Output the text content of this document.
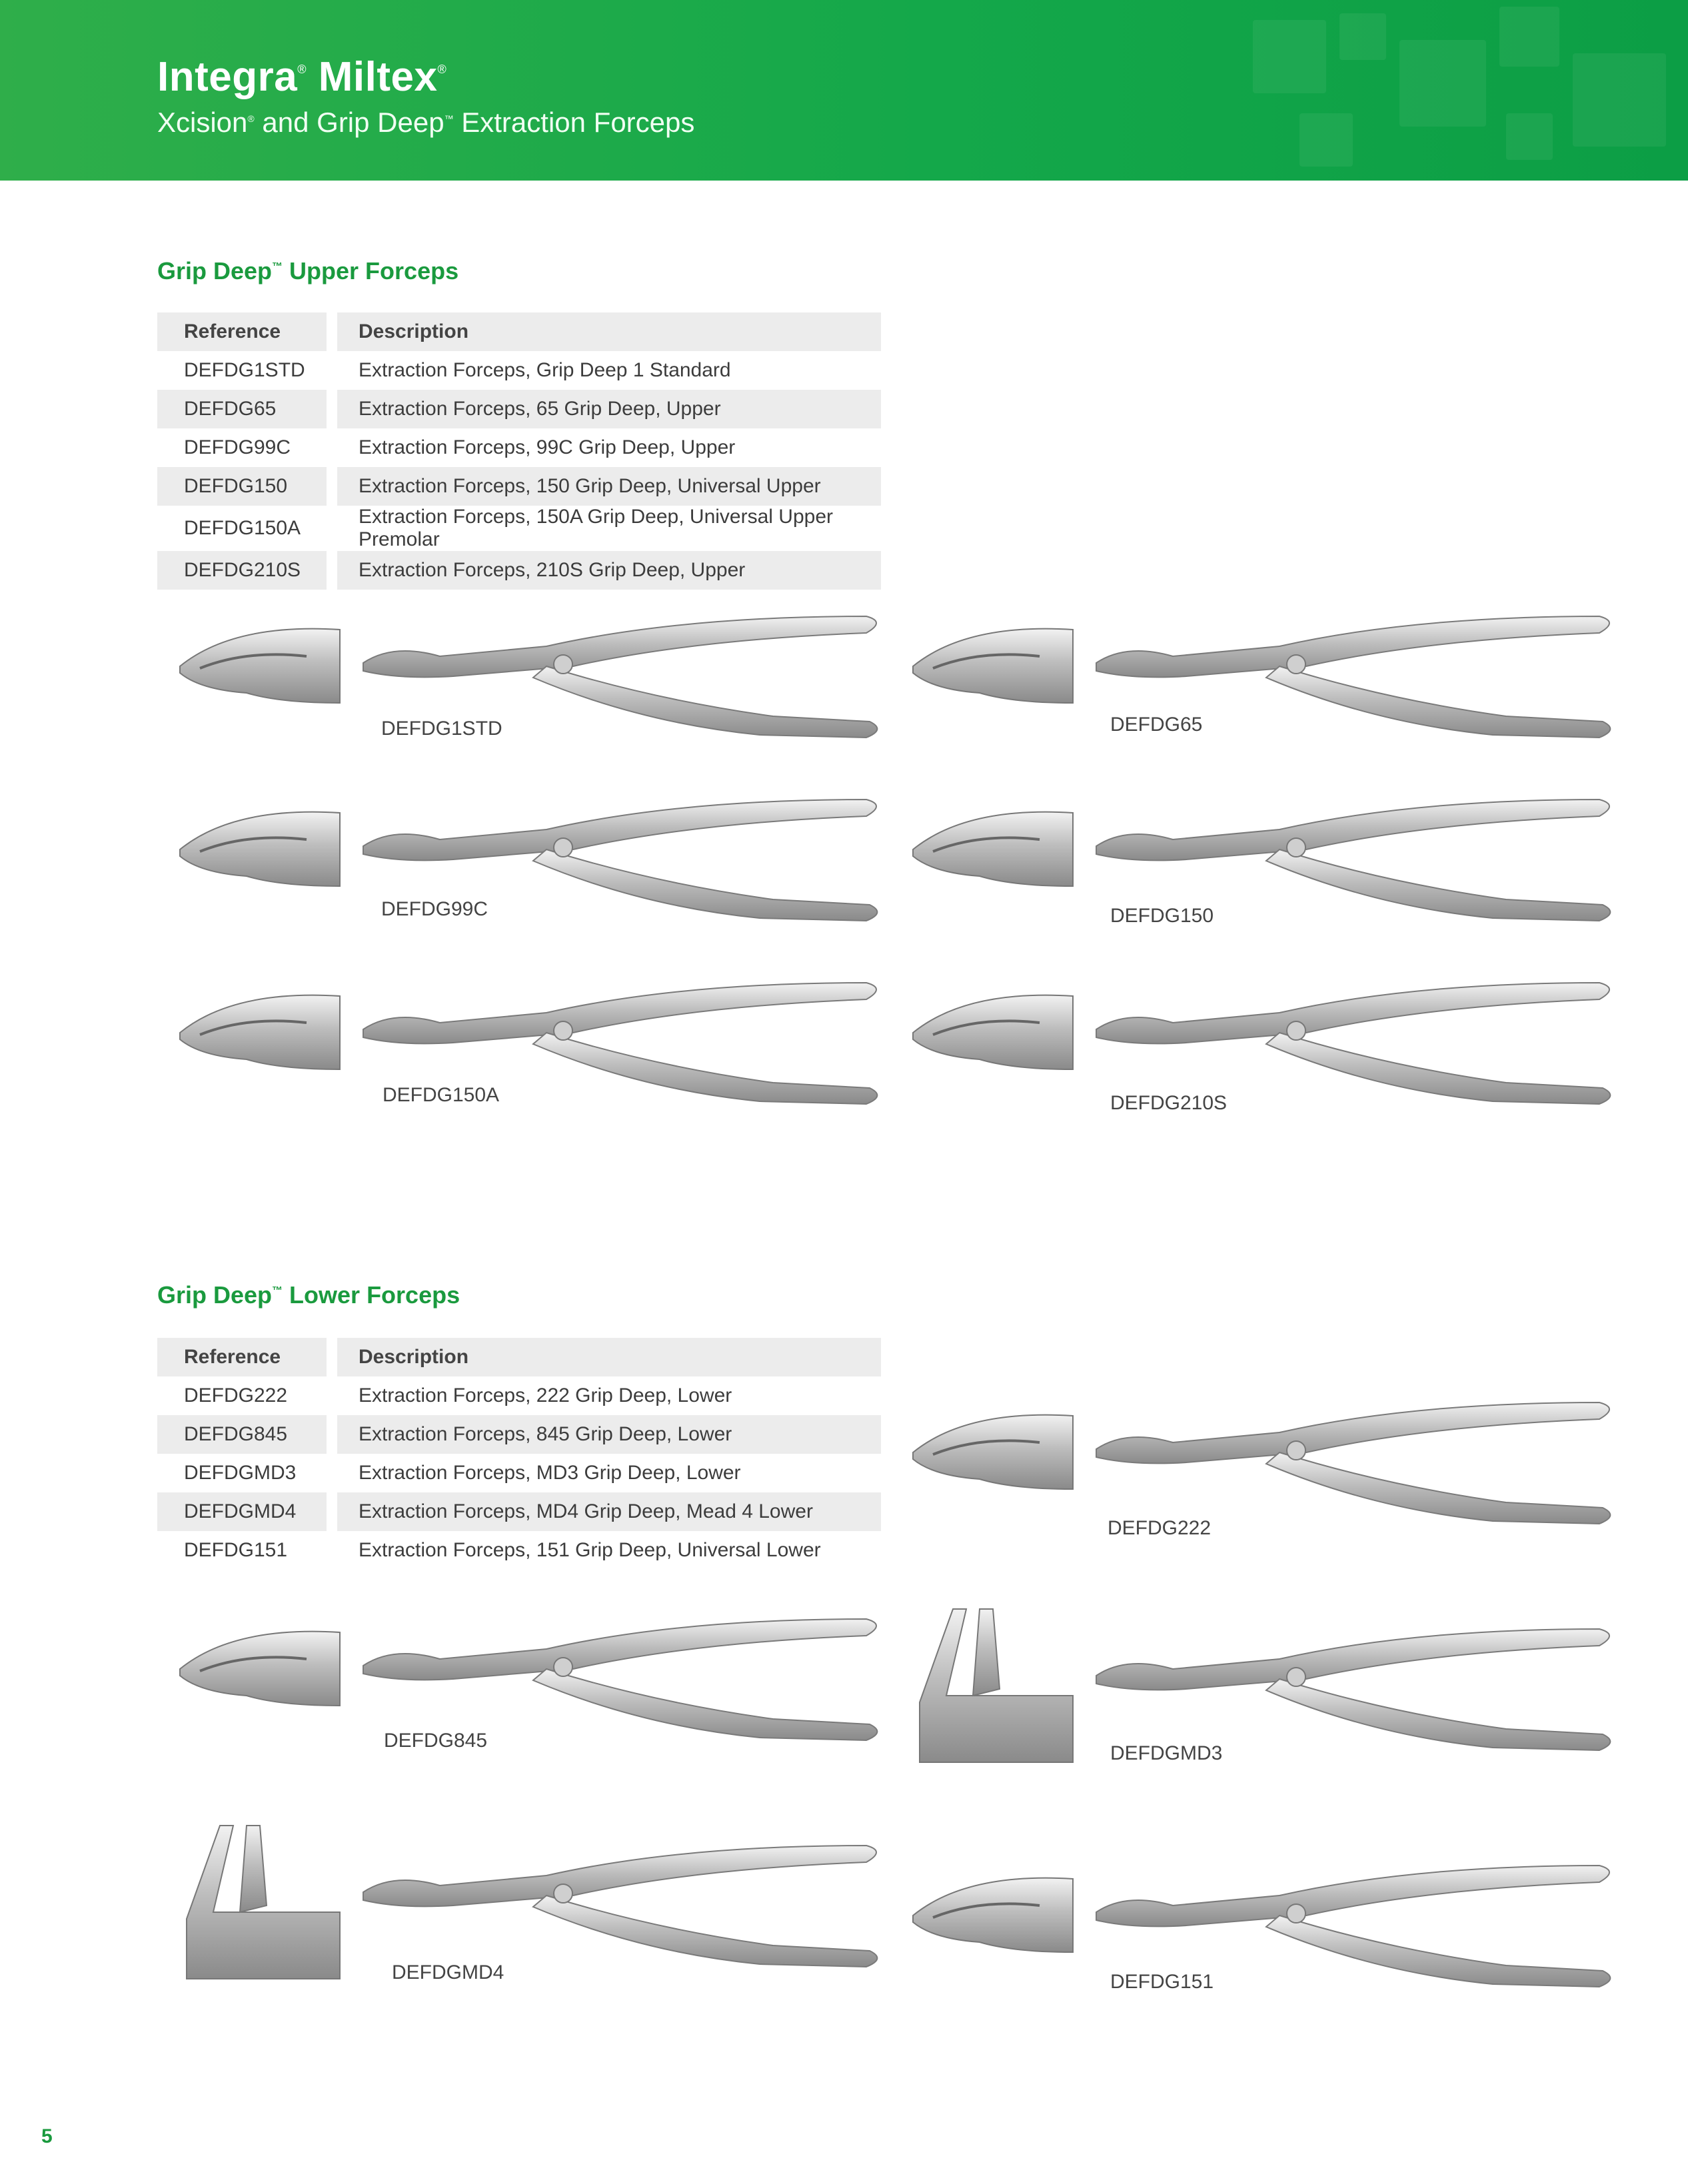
Integra® Miltex®
Xcision® and Grip Deep™ Extraction Forceps
Grip Deep™ Upper Forceps
Reference		Description
DEFDG1STD		Extraction Forceps, Grip Deep 1 Standard
DEFDG65		Extraction Forceps, 65 Grip Deep, Upper
DEFDG99C		Extraction Forceps, 99C Grip Deep, Upper
DEFDG150		Extraction Forceps, 150 Grip Deep, Universal Upper
DEFDG150A		Extraction Forceps, 150A Grip Deep, Universal Upper Premolar
DEFDG210S		Extraction Forceps, 210S Grip Deep, Upper
DEFDG1STD	DEFDG65
DEFDG99C	DEFDG150
DEFDG150A	DEFDG210S
Grip Deep™ Lower Forceps
Reference		Description
DEFDG222		Extraction Forceps, 222 Grip Deep, Lower
DEFDG845		Extraction Forceps, 845 Grip Deep, Lower
DEFDGMD3		Extraction Forceps, MD3 Grip Deep, Lower
DEFDGMD4		Extraction Forceps, MD4 Grip Deep, Mead 4 Lower
DEFDG151		Extraction Forceps, 151 Grip Deep, Universal Lower
DEFDG222
DEFDG845
DEFDGMD3
DEFDGMD4	DEFDG151
5
